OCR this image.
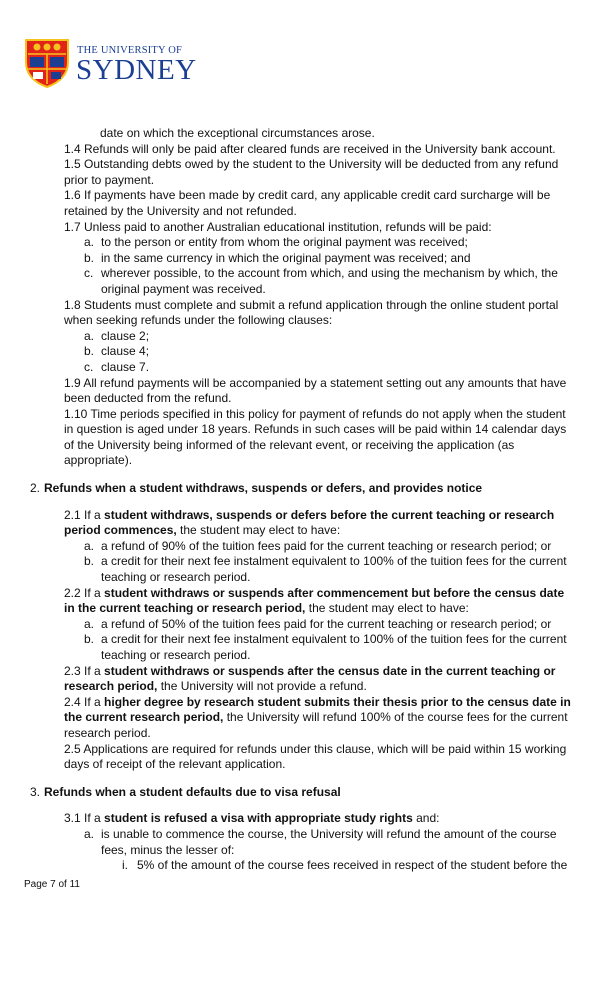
THE UNIVERSITY OF
SYDNEY
date on which the exceptional circumstances arose.
1.4 Refunds will only be paid after cleared funds are received in the University bank account.
1.5 Outstanding debts owed by the student to the University will be deducted from any refund prior to payment.
1.6 If payments have been made by credit card, any applicable credit card surcharge will be retained by the University and not refunded.
1.7 Unless paid to another Australian educational institution, refunds will be paid:
a. to the person or entity from whom the original payment was received;
b. in the same currency in which the original payment was received; and
c. wherever possible, to the account from which, and using the mechanism by which, the original payment was received.
1.8 Students must complete and submit a refund application through the online student portal when seeking refunds under the following clauses:
a. clause 2;
b. clause 4;
c. clause 7.
1.9 All refund payments will be accompanied by a statement setting out any amounts that have been deducted from the refund.
1.10 Time periods specified in this policy for payment of refunds do not apply when the student in question is aged under 18 years. Refunds in such cases will be paid within 14 calendar days of the University being informed of the relevant event, or receiving the application (as appropriate).
2. Refunds when a student withdraws, suspends or defers, and provides notice
2.1 If a student withdraws, suspends or defers before the current teaching or research period commences, the student may elect to have:
a. a refund of 90% of the tuition fees paid for the current teaching or research period; or
b. a credit for their next fee instalment equivalent to 100% of the tuition fees for the current teaching or research period.
2.2 If a student withdraws or suspends after commencement but before the census date in the current teaching or research period, the student may elect to have:
a. a refund of 50% of the tuition fees paid for the current teaching or research period; or
b. a credit for their next fee instalment equivalent to 100% of the tuition fees for the current teaching or research period.
2.3 If a student withdraws or suspends after the census date in the current teaching or research period, the University will not provide a refund.
2.4 If a higher degree by research student submits their thesis prior to the census date in the current research period, the University will refund 100% of the course fees for the current research period.
2.5 Applications are required for refunds under this clause, which will be paid within 15 working days of receipt of the relevant application.
3. Refunds when a student defaults due to visa refusal
3.1 If a student is refused a visa with appropriate study rights and:
a. is unable to commence the course, the University will refund the amount of the course fees, minus the lesser of:
i. 5% of the amount of the course fees received in respect of the student before the
Page 7 of 11
